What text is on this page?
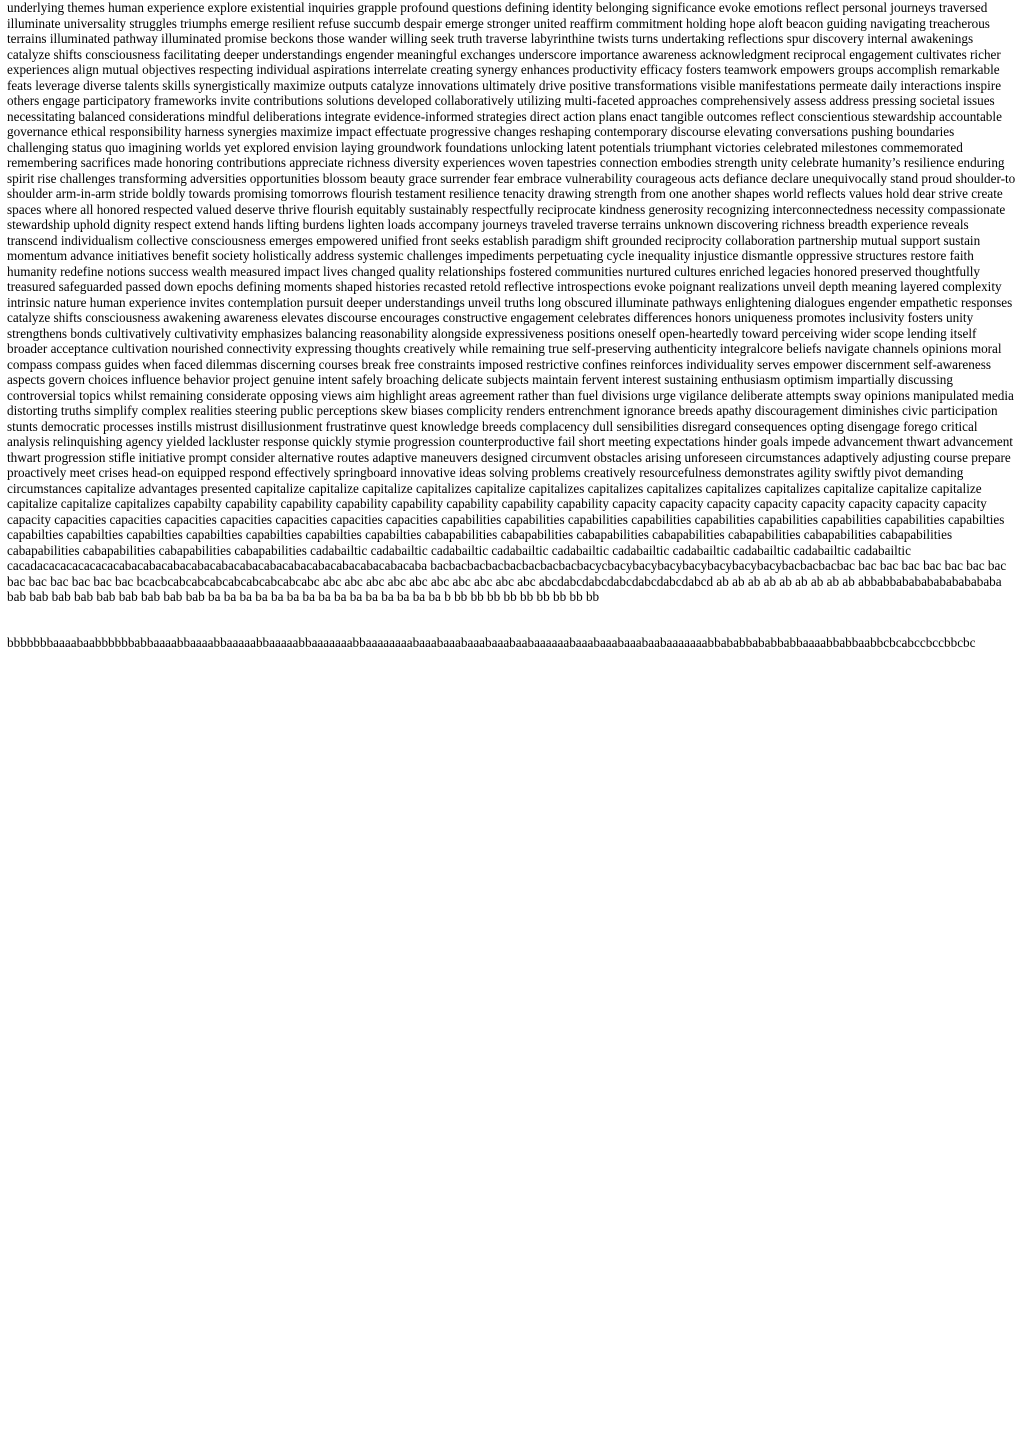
underlying themes human experience explore existential inquiries grapple profound questions defining identity belonging significance evoke emotions reflect personal journeys traversed illuminate universality struggles triumphs emerge resilient refuse succumb despair emerge stronger united reaffirm commitment holding hope aloft beacon guiding navigating treacherous terrains illuminated pathway illuminated promise beckons those wander willing seek truth traverse labyrinthine twists turns undertaking reflections spur discovery internal awakenings catalyze shifts consciousness facilitating deeper understandings engender meaningful exchanges underscore importance awareness acknowledgment reciprocal engagement cultivates richer experiences align mutual objectives respecting individual aspirations interrelate creating synergy enhances productivity efficacy fosters teamwork empowers groups accomplish remarkable feats leverage diverse talents skills synergistically maximize outputs catalyze innovations ultimately drive positive transformations visible manifestations permeate daily interactions inspire others engage participatory frameworks invite contributions solutions developed collaboratively utilizing multi-faceted approaches comprehensively assess address pressing societal issues necessitating balanced considerations mindful deliberations integrate evidence-informed strategies direct action plans enact tangible outcomes reflect conscientious stewardship accountable governance ethical responsibility harness synergies maximize impact effectuate progressive changes reshaping contemporary discourse elevating conversations pushing boundaries challenging status quo imagining worlds yet explored envision laying groundwork foundations unlocking latent potentials triumphant victories celebrated milestones commemorated remembering sacrifices made honoring contributions appreciate richness diversity experiences woven tapestries connection embodies strength unity celebrate humanity’s resilience enduring spirit rise challenges transforming adversities opportunities blossom beauty grace surrender fear embrace vulnerability courageous acts defiance declare unequivocally stand proud shoulder-to shoulder arm-in-arm stride boldly towards promising tomorrows flourish testament resilience tenacity drawing strength from one another shapes world reflects values hold dear strive create spaces where all honored respected valued deserve thrive flourish equitably sustainably respectfully reciprocate kindness generosity recognizing interconnectedness necessity compassionate stewardship uphold dignity respect extend hands lifting burdens lighten loads accompany journeys traveled traverse terrains unknown discovering richness breadth experience reveals transcend individualism collective consciousness emerges empowered unified front seeks establish paradigm shift grounded reciprocity collaboration partnership mutual support sustain momentum advance initiatives benefit society holistically address systemic challenges impediments perpetuating cycle inequality injustice dismantle oppressive structures restore faith humanity redefine notions success wealth measured impact lives changed quality relationships fostered communities nurtured cultures enriched legacies honored preserved thoughtfully treasured safeguarded passed down epochs defining moments shaped histories recasted retold reflective introspections evoke poignant realizations unveil depth meaning layered complexity intrinsic nature human experience invites contemplation pursuit deeper understandings unveil truths long obscured illuminate pathways enlightening dialogues engender empathetic responses catalyze shifts consciousness awakening awareness elevates discourse encourages constructive engagement celebrates differences honors uniqueness promotes inclusivity fosters unity strengthens bonds cultivatively cultivativity emphasizes balancing reasonability alongside expressiveness positions oneself open-heartedly toward perceiving wider scope lending itself broader acceptance cultivation nourished connectivity expressing thoughts creatively while remaining true self-preserving authenticity integralcore beliefs navigate channels opinions moral compass compass guides when faced dilemmas discerning courses break free constraints imposed restrictive confines reinforces individuality serves empower discernment self-awareness aspects govern choices influence behavior project genuine intent safely broaching delicate subjects maintain fervent interest sustaining enthusiasm optimism impartially discussing controversial topics whilst remaining considerate opposing views aim highlight areas agreement rather than fuel divisions urge vigilance deliberate attempts sway opinions manipulated media distorting truths simplify complex realities steering public perceptions skew biases complicity renders entrenchment ignorance breeds apathy discouragement diminishes civic participation stunts democratic processes instills mistrust disillusionment frustratinve quest knowledge breeds complacency dull sensibilities disregard consequences opting disengage forego critical analysis relinquishing agency yielded lackluster response quickly stymie progression counterproductive fail short meeting expectations hinder goals impede advancement thwart advancement thwart progression stifle initiative prompt consider alternative routes adaptive maneuvers designed circumvent obstacles arising unforeseen circumstances adaptively adjusting course prepare proactively meet crises head-on equipped respond effectively springboard innovative ideas solving problems creatively resourcefulness demonstrates agility swiftly pivot demanding circumstances capitalize advantages presented capitalize capitalize capitalize capitalizes capitalize capitalizes capitalizes capitalizes capitalizes capitalizes capitalize capitalize capitalize capitalize capitalize capitalizes capabilty capability capability capability capability capability capability capability capacity capacity capacity capacity capacity capacity capacity capacity capacity capacities capacities capacities capacities capacities capacities capacities capabilities capabilities capabilities capabilities capabilities capabilities capabilities capabilities capabilties capabilties capabilties capabilties capabilties capabilties capabilties capabilties cabapabilities cabapabilities cabapabilities cabapabilities cabapabilities cabapabilities cabapabilities cabapabilities cabapabilities cabapabilities cabapabilities cadabailtic cadabailtic cadabailtic cadabailtic cadabailtic cadabailtic cadabailtic cadabailtic cadabailtic cadabailtic cacadacacacacacacacabacabacabacabacabacabacabacabacabacabacabacabacaba bacbacbacbacbacbacbacbacbacycbacybacybacybacybacybacybacybacbacbacbac bac bac bac bac bac bac bac bac bac bac bac bac bac bcacbcabcabcabcabcabcabcabcabc abc abc abc abc abc abc abc abc abc abc abcdabcdabcdabcdabcdabcdabcd ab ab ab ab ab ab ab ab ab abbabbababababababababa bab bab bab bab bab bab bab bab bab ba ba ba ba ba ba ba ba ba ba ba ba ba ba ba b bb bb bb bb bb bb bb bb bb

bbbbbbbaaaabaabbbbbbabbaaaabbaaaabbaaaaabbaaaaabbaaaaaaabbaaaaaaaabaaabaaabaaabaaabaabaaaaaabaaabaaabaaabaabaaaaaaabbababbababbabbaaaabbabbaabbcbcabccbccbbcbc
